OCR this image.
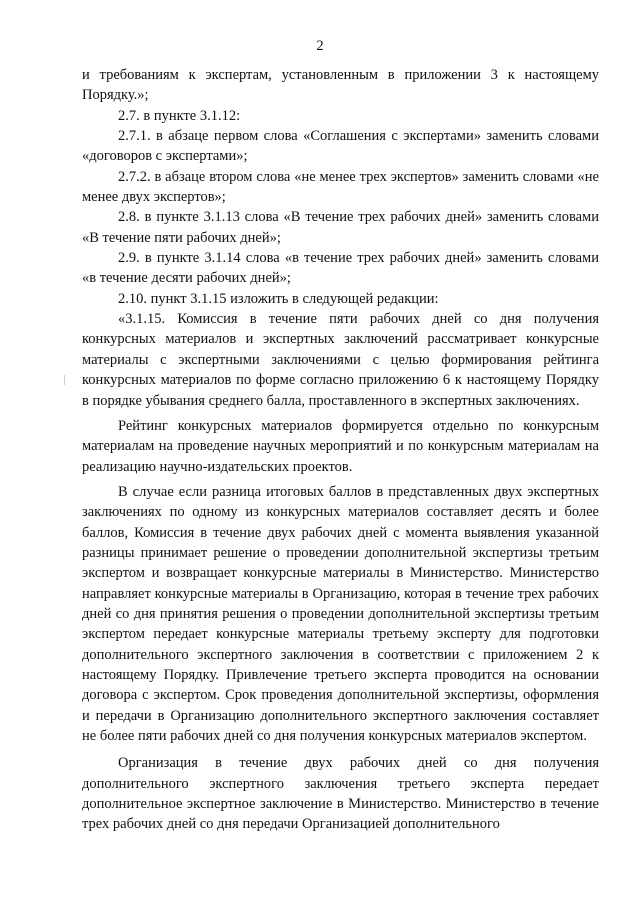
2

и требованиям к экспертам, установленным в приложении 3 к настоящему Порядку.»;

2.7. в пункте 3.1.12:

2.7.1. в абзаце первом слова «Соглашения с экспертами» заменить словами «договоров с экспертами»;

2.7.2. в абзаце втором слова «не менее трех экспертов» заменить словами «не менее двух экспертов»;

2.8. в пункте 3.1.13 слова «В течение трех рабочих дней» заменить словами «В течение пяти рабочих дней»;

2.9. в пункте 3.1.14 слова «в течение трех рабочих дней» заменить словами «в течение десяти рабочих дней»;

2.10. пункт 3.1.15 изложить в следующей редакции:

«3.1.15. Комиссия в течение пяти рабочих дней со дня получения конкурсных материалов и экспертных заключений рассматривает конкурсные материалы с экспертными заключениями с целью формирования рейтинга конкурсных материалов по форме согласно приложению 6 к настоящему Порядку в порядке убывания среднего балла, проставленного в экспертных заключениях.

Рейтинг конкурсных материалов формируется отдельно по конкурсным материалам на проведение научных мероприятий и по конкурсным материалам на реализацию научно-издательских проектов.

В случае если разница итоговых баллов в представленных двух экспертных заключениях по одному из конкурсных материалов составляет десять и более баллов, Комиссия в течение двух рабочих дней с момента выявления указанной разницы принимает решение о проведении дополнительной экспертизы третьим экспертом и возвращает конкурсные материалы в Министерство. Министерство направляет конкурсные материалы в Организацию, которая в течение трех рабочих дней со дня принятия решения о проведении дополнительной экспертизы третьим экспертом передает конкурсные материалы третьему эксперту для подготовки дополнительного экспертного заключения в соответствии с приложением 2 к настоящему Порядку. Привлечение третьего эксперта проводится на основании договора с экспертом. Срок проведения дополнительной экспертизы, оформления и передачи в Организацию дополнительного экспертного заключения составляет не более пяти рабочих дней со дня получения конкурсных материалов экспертом.

Организация в течение двух рабочих дней со дня получения дополнительного экспертного заключения третьего эксперта передает дополнительное экспертное заключение в Министерство. Министерство в течение трех рабочих дней со дня передачи Организацией дополнительного
